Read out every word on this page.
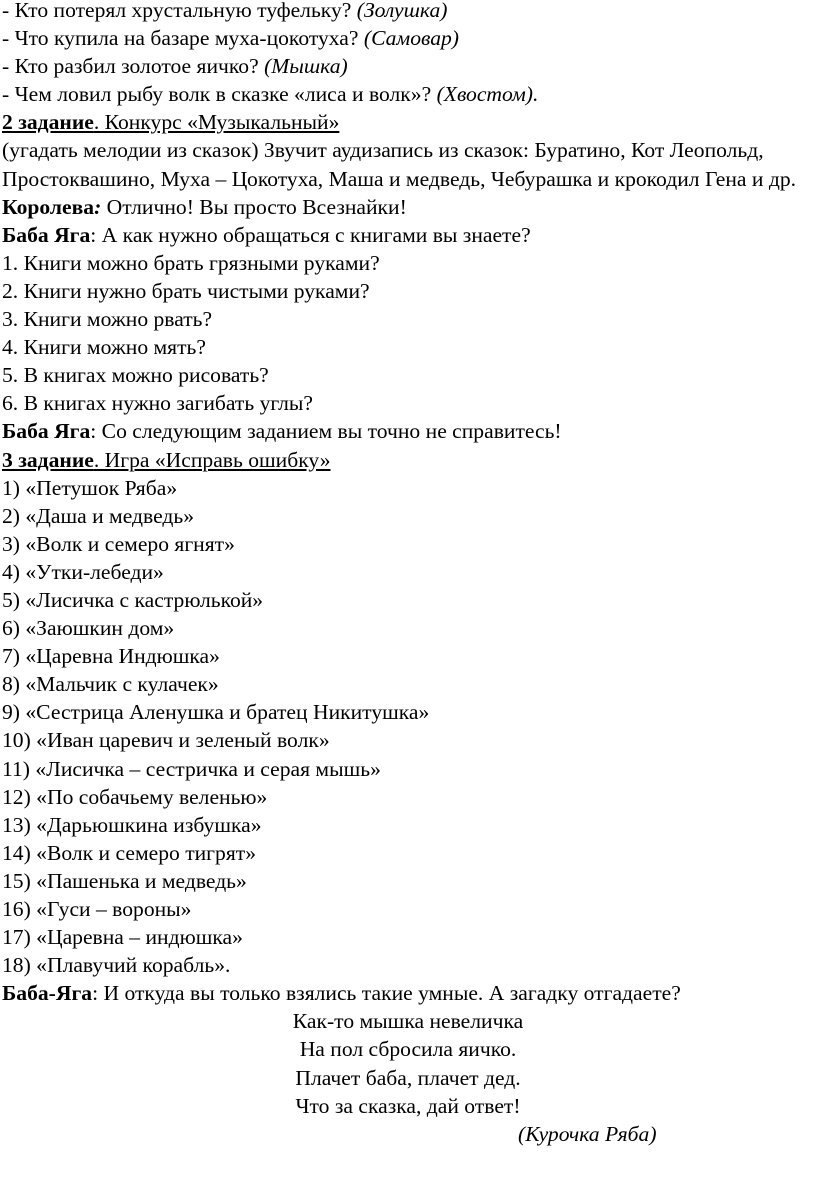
- Кто потерял хрустальную туфельку? (Золушка)
- Что купила на базаре муха-цокотуха? (Самовар)
- Кто разбил золотое яичко? (Мышка)
- Чем ловил рыбу волк в сказке «лиса и волк»? (Хвостом).
2 задание. Конкурс «Музыкальный»
(угадать мелодии из сказок) Звучит аудизапись из сказок: Буратино, Кот Леопольд, Простоквашино, Муха – Цокотуха, Маша и медведь, Чебурашка и крокодил Гена и др.
Королева: Отлично! Вы просто Всезнайки!
Баба Яга: А как нужно обращаться с книгами вы знаете?
1. Книги можно брать грязными руками?
2. Книги нужно брать чистыми руками?
3. Книги можно рвать?
4. Книги можно мять?
5. В книгах можно рисовать?
6. В книгах нужно загибать углы?
Баба Яга: Со следующим заданием вы точно не справитесь!
3 задание. Игра «Исправь ошибку»
1) «Петушок Ряба»
2) «Даша и медведь»
3) «Волк и семеро ягнят»
4) «Утки-лебеди»
5) «Лисичка с кастрюлькой»
6) «Заюшкин дом»
7) «Царевна Индюшка»
8) «Мальчик с кулачек»
9) «Сестрица Аленушка и братец Никитушка»
10) «Иван царевич и зеленый волк»
11) «Лисичка – сестричка и серая мышь»
12) «По собачьему веленью»
13) «Дарьюшкина избушка»
14) «Волк и семеро тигрят»
15) «Пашенька и медведь»
16) «Гуси – вороны»
17) «Царевна – индюшка»
18) «Плавучий корабль».
Баба-Яга: И откуда вы только взялись такие умные. А загадку отгадаете?
Как-то мышка невеличка
На пол сбросила яичко.
Плачет баба, плачет дед.
Что за сказка, дай ответ!
(Курочка Ряба)
